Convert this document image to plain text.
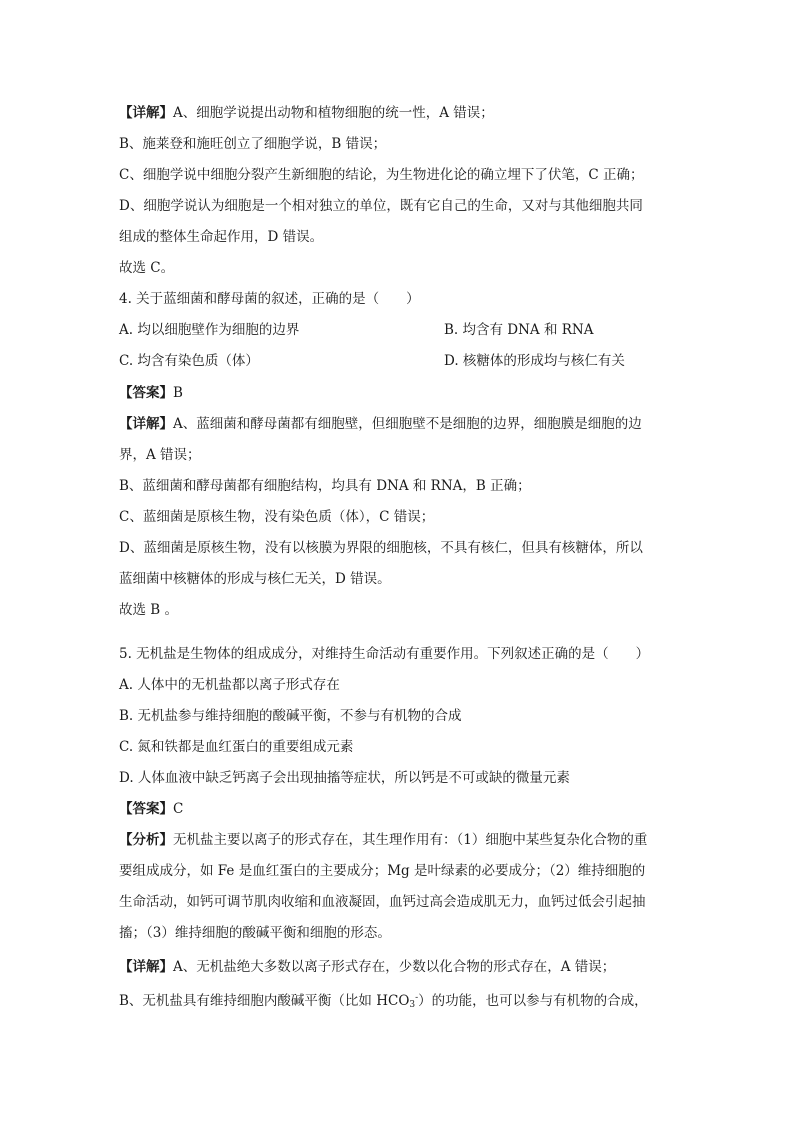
【详解】A、细胞学说提出动物和植物细胞的统一性，A 错误；
B、施莱登和施旺创立了细胞学说，B 错误；
C、细胞学说中细胞分裂产生新细胞的结论，为生物进化论的确立埋下了伏笔，C 正确；
D、细胞学说认为细胞是一个相对独立的单位，既有它自己的生命，又对与其他细胞共同
组成的整体生命起作用，D 错误。
故选 C。
4. 关于蓝细菌和酵母菌的叙述，正确的是（　　）
A. 均以细胞壁作为细胞的边界	B. 均含有 DNA 和 RNA
C. 均含有染色质（体）	D. 核糖体的形成均与核仁有关
【答案】B
【详解】A、蓝细菌和酵母菌都有细胞壁，但细胞壁不是细胞的边界，细胞膜是细胞的边
界，A 错误；
B、蓝细菌和酵母菌都有细胞结构，均具有 DNA 和 RNA，B 正确；
C、蓝细菌是原核生物，没有染色质（体），C 错误；
D、蓝细菌是原核生物，没有以核膜为界限的细胞核，不具有核仁，但具有核糖体，所以
蓝细菌中核糖体的形成与核仁无关，D 错误。
故选 B 。
5. 无机盐是生物体的组成成分，对维持生命活动有重要作用。下列叙述正确的是（　　）
A. 人体中的无机盐都以离子形式存在
B. 无机盐参与维持细胞的酸碱平衡，不参与有机物的合成
C. 氮和铁都是血红蛋白的重要组成元素
D. 人体血液中缺乏钙离子会出现抽搐等症状，所以钙是不可或缺的微量元素
【答案】C
【分析】无机盐主要以离子的形式存在，其生理作用有：（1）细胞中某些复杂化合物的重
要组成成分，如 Fe 是血红蛋白的主要成分；Mg 是叶绿素的必要成分；（2）维持细胞的
生命活动，如钙可调节肌肉收缩和血液凝固，血钙过高会造成肌无力，血钙过低会引起抽
搐；（3）维持细胞的酸碱平衡和细胞的形态。
【详解】A、无机盐绝大多数以离子形式存在，少数以化合物的形式存在，A 错误；
B、无机盐具有维持细胞内酸碱平衡（比如 $HCO_3^-$）的功能，也可以参与有机物的合成，
